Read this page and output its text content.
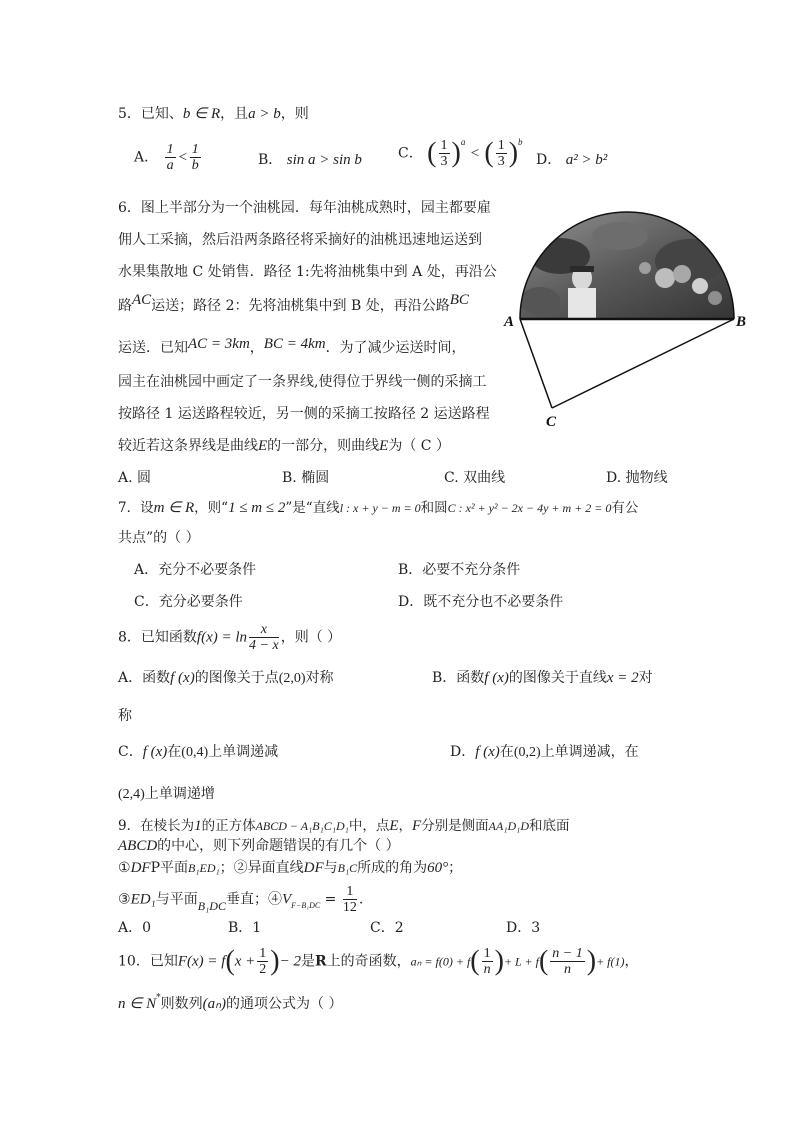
5．已知、b ∈ R，且a > b，则
A． $\frac{1}{a} < \frac{1}{b}$	B． sin a > sin b	C． ( $\frac{1}{3} )^a$ < ( $\frac{1}{3} )^b$
D． a² > b²
6．图上半部分为一个油桃园．每年油桃成熟时，园主都要雇
佣人工采摘，然后沿两条路径将采摘好的油桃迅速地运送到
水果集散地 C 处销售．路径 1:先将油桃集中到 A 处，再沿公
路AC运送；路径 2：先将油桃集中到 B 处，再沿公路BC
运送．已知AC = 3km，BC = 4km．为了减少运送时间，
园主在油桃园中画定了一条界线,使得位于界线一侧的采摘工
按路径 1 运送路程较近，另一侧的采摘工按路径 2 运送路程
较近若这条界线是曲线E的一部分，则曲线E为（ C ）
A. 圆	B. 椭圆	C. 双曲线	D. 抛物线
A	B
C
7．设m ∈ R，则“1 ≤ m ≤ 2”是“直线l : x + y − m = 0和圆C : x² + y² − 2x − 4y + m + 2 = 0有公
共点”的（ ）
A．充分不必要条件	B．必要不充分条件
C．充分必要条件	D．既不充分也不必要条件
8．已知函数$f(x) = \ln \frac{x}{4 - x}$ ，则（ ）
A．函数f (x)的图像关于点(2,0)对称	B．函数f (x)的图像关于直线x = 2对
称
C．f (x)在(0,4)上单调递减	D．f (x)在(0,2)上单调递减，在
(2,4)上单调递增
9．在棱长为1的正方体ABCD − A₁B₁C₁D₁中，点E，F分别是侧面AA₁D₁D和底面
ABCD的中心，则下列命题错误的有几个（ ）
①DFP平面B₁ED₁；②异面直线DF与B₁C所成的角为60°；
③ED₁与平面B₁DC垂直；$④V_{F-B_1DC} = \frac{1}{12}$ .
A．0	B．1	C．2	D．3
10．已知$F(x) = f(x + \frac{1}{2}$ )− 2是R上的奇函数，$a_n = f(0) + f( \frac{1}{n}$ )+ $L + f( \frac{n - 1}{n}$ )+ f(1)，
n ∈ N*则数列(aₙ)的通项公式为（ ）
